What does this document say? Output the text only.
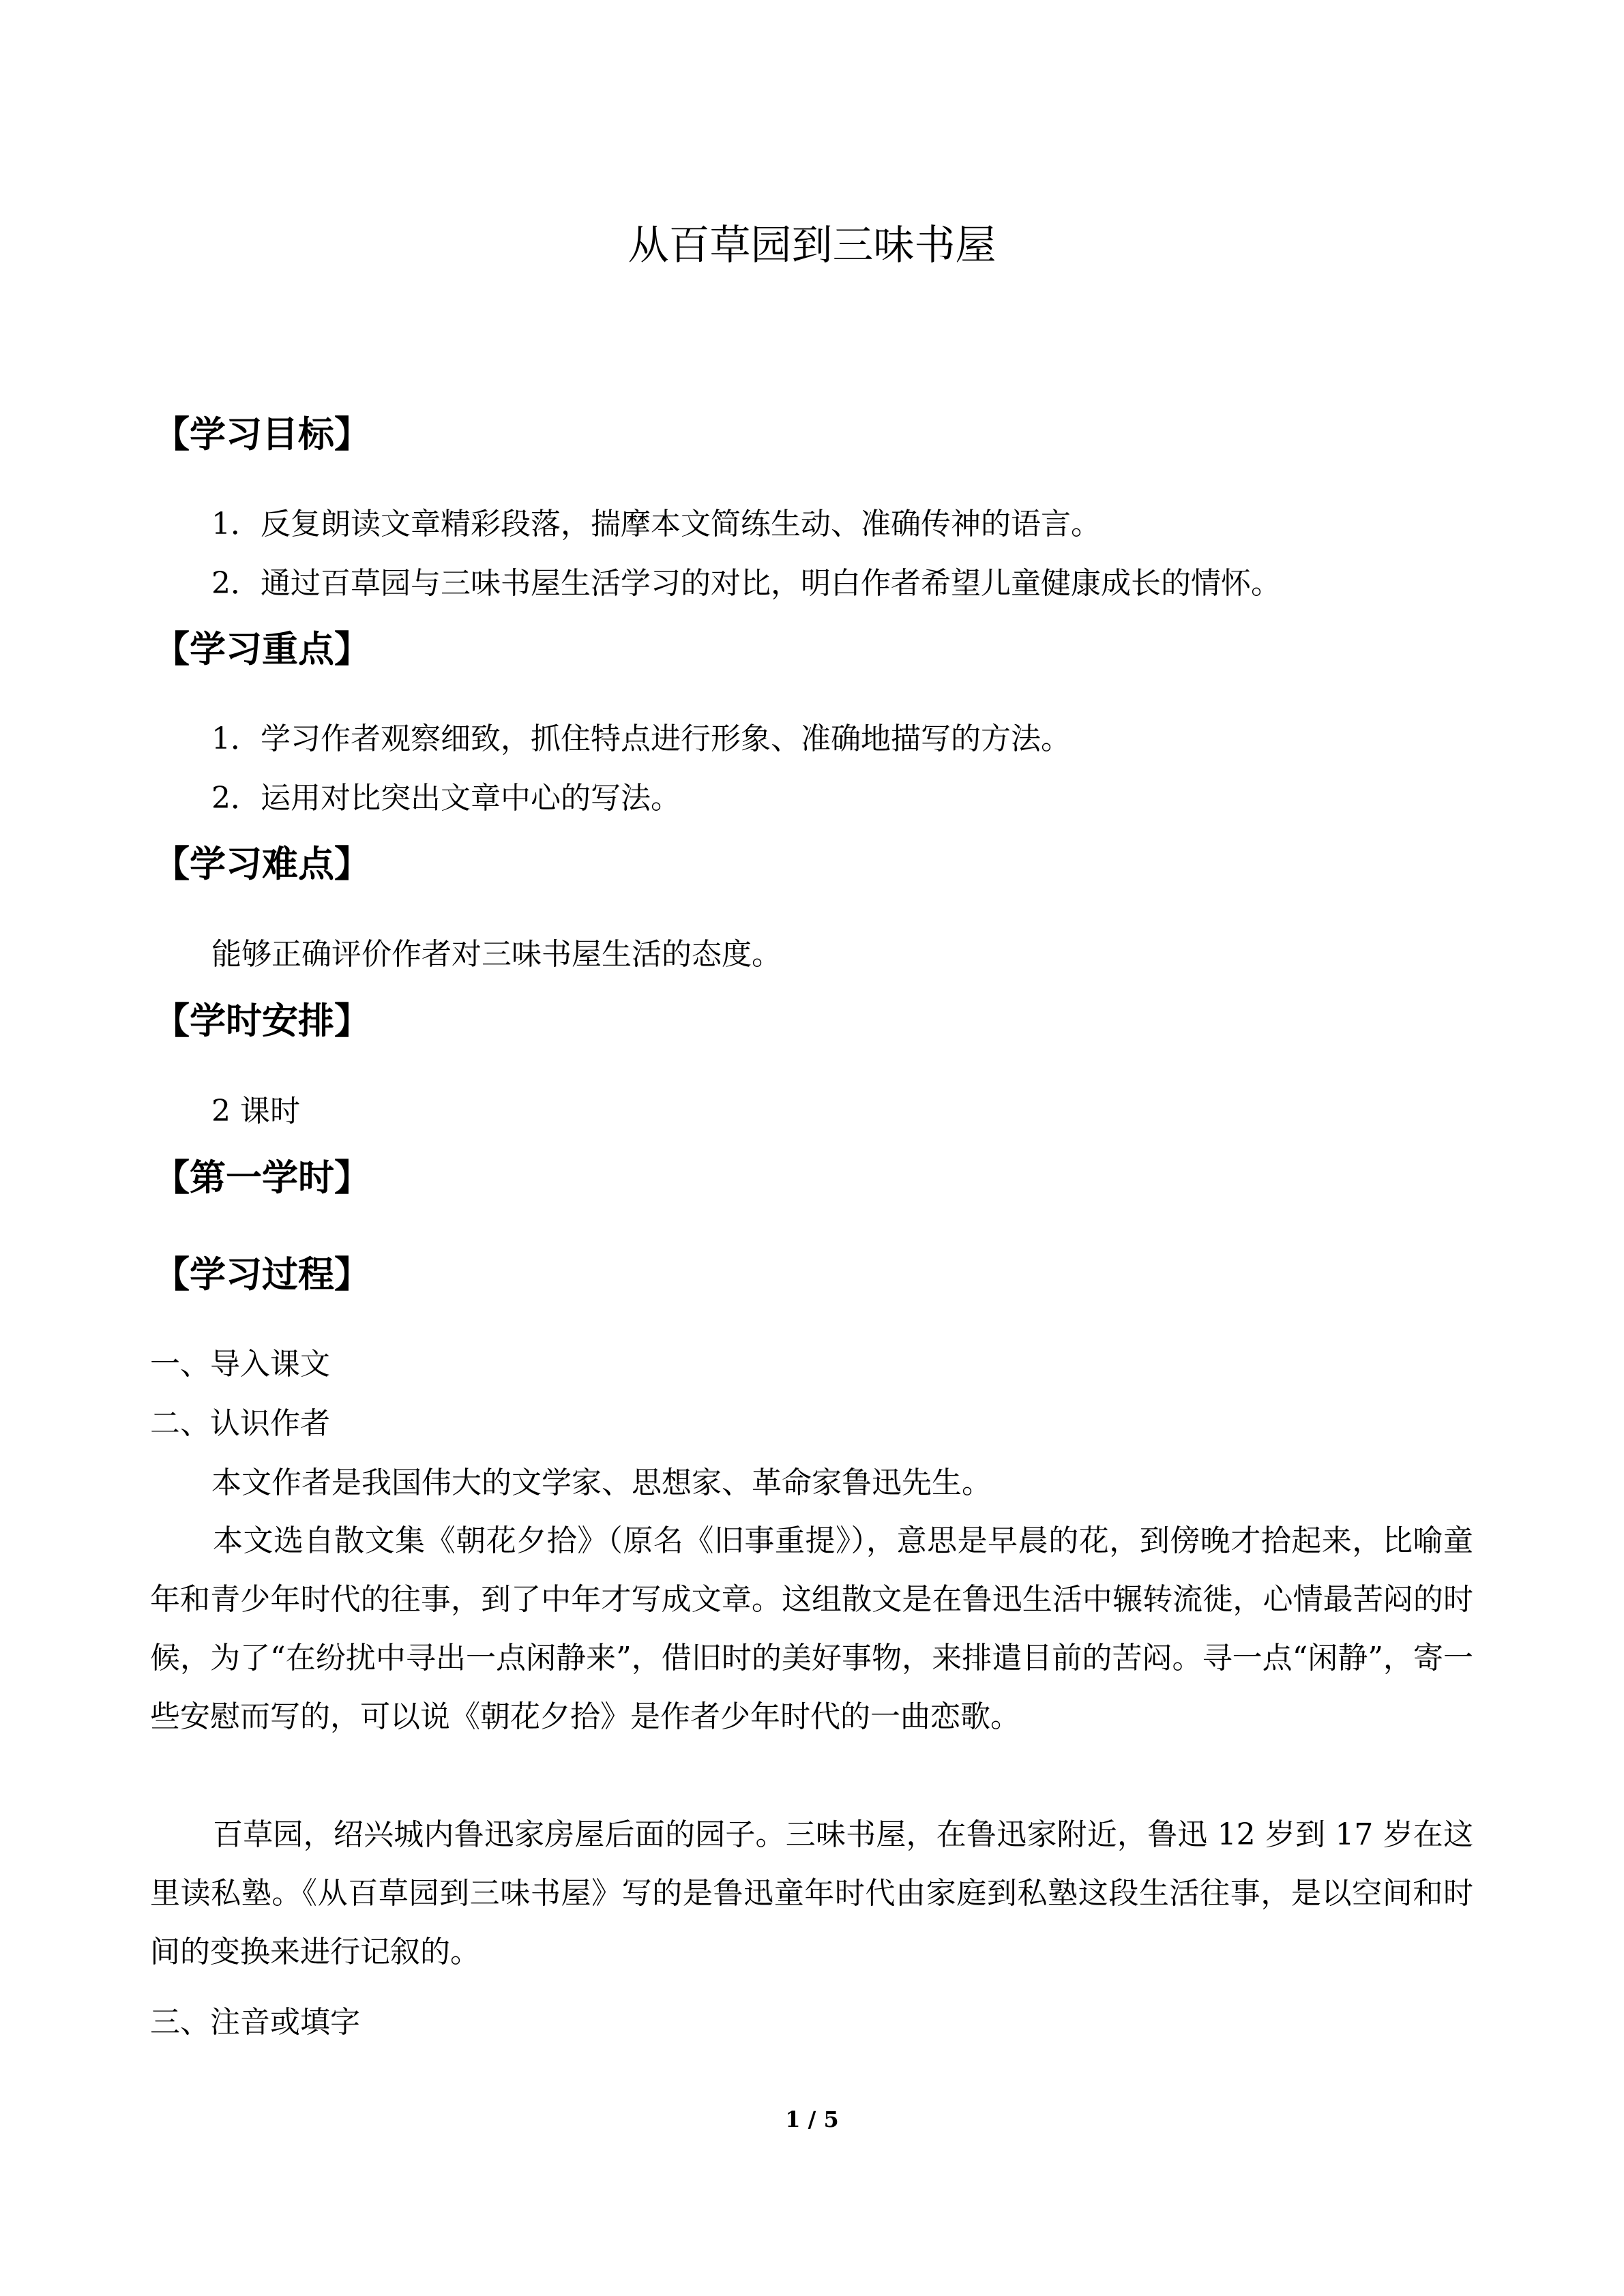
从百草园到三味书屋
【学习目标】
1．反复朗读文章精彩段落，揣摩本文简练生动、准确传神的语言。
2．通过百草园与三味书屋生活学习的对比，明白作者希望儿童健康成长的情怀。
【学习重点】
1．学习作者观察细致，抓住特点进行形象、准确地描写的方法。
2．运用对比突出文章中心的写法。
【学习难点】
能够正确评价作者对三味书屋生活的态度。
【学时安排】
2 课时
【第一学时】
【学习过程】
一、导入课文
二、认识作者
本文作者是我国伟大的文学家、思想家、革命家鲁迅先生。

本文选自散文集《朝花夕拾》（原名《旧事重提》），意思是早晨的花，到傍晚才拾起来，比喻童年和青少年时代的往事，到了中年才写成文章。这组散文是在鲁迅生活中辗转流徙，心情最苦闷的时候，为了“在纷扰中寻出一点闲静来”，借旧时的美好事物，来排遣目前的苦闷。寻一点“闲静”，寄一些安慰而写的，可以说《朝花夕拾》是作者少年时代的一曲恋歌。

百草园，绍兴城内鲁迅家房屋后面的园子。三味书屋，在鲁迅家附近，鲁迅 12 岁到 17 岁在这里读私塾。《从百草园到三味书屋》写的是鲁迅童年时代由家庭到私塾这段生活往事，是以空间和时间的变换来进行记叙的。

三、注音或填字
1 / 5
